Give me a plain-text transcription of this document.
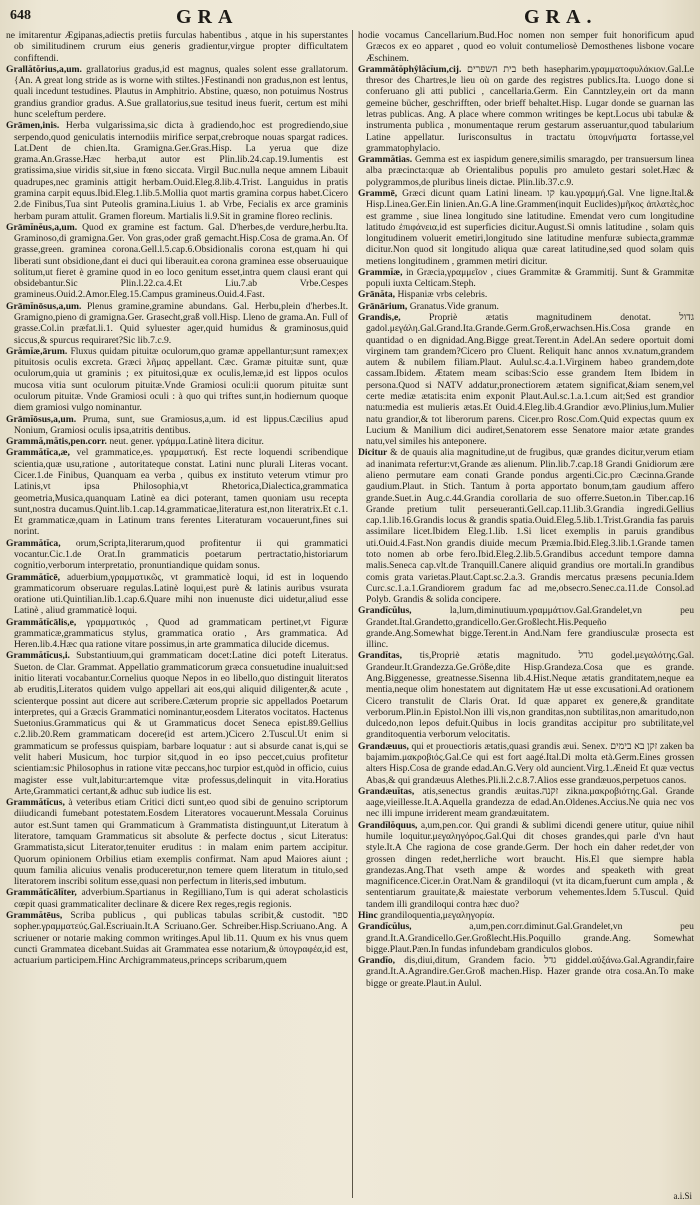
648	GRA	GRA.

ne imitarentur Ægipanas,adiectis pretiis furculas habentibus , atque in his superstantes ob similitudinem crurum eius generis gradientur,virgue propter difficultatem confiftendi.

Grallătŏrius,a,um. grallatorius gradus,id est magnus, quales solent esse grallatorum.{An. A great long stride as is worne with stiltes.}Festinandi non gradus,non est lentus, quali incedunt testudines. Plautus in Amphitrio. Abstine, quæso, non potuimus Nostrus grandius grandior gradus. A.Sue grallatorius,sue tesitud ineus fuerit, certum est mihi hunc sceleftum perdere.

Grāmen,inis. Herba vulgarissima,sic dicta à gradiendo,hoc est progrediendo,siue serpendo,quod geniculatis internodiis mirifice serpat,crebroque nouas spargat radices. Lat.Dent de chien.Ita. Gramigna.Ger.Gras.Hisp. La yerua que dize grama.An.Grasse.Hæc herba,ut autor est Plin.lib.24.cap.19.Iumentis est gratissima,siue viridis sit,siue in fœno siccata. Virgil Buc.nulla neque amnem Libauit quadrupes,nec graminis attigit herbam.Ouid.Eleg.8.lib.4.Trist. Languidus in pratis gramina carpit equus.Ibid.Eleg.1.lib.5.Mollia quot martis gramina corpus habet.Cicero 2.de Finibus,Tua sint Puteolis gramina.Liuius 1. ab Vrbe, Fecialis ex arce graminis herbam puram attulit. Gramen floreum. Martialis li.9.Sit in gramine floreo reclinis.

Grāmĭnĕus,a,um. Quod ex gramine est factum. Gal. D'herbes,de verdure,herbu.Ita. Graminoso,di gramigna.Ger. Von gras,oder graß gemacht.Hisp.Cosa de grama.An. Of grasse,green. graminea corona.Gell.l.5.cap.6.Obsidionalis corona est,quam hi qui liberati sunt obsidione,dant ei duci qui liberauit.ea corona graminea esse obseruauique solitum,ut fieret è gramine quod in eo loco genitum esset,intra quem clausi erant qui obsidebantur.Sic Plin.l.22.ca.4.Et Liu.7.ab Vrbe.Cespes gramineus.Ouid.2.Amor.Eleg.15.Campus gramineus.Ouid.4.Fast.

Grāmĭnōsus,a,um. Plenus gramine,gramine abundans. Gal. Herbu,plein d'herbes.It. Gramigno,pieno di gramigna.Ger. Grasecht,graß voll.Hisp. Lleno de grama.An. Full of grasse.Col.in præfat.li.1. Quid syluester ager,quid humidus & graminosus,quid siccus,& spurcus requiraret?Sic lib.7.c.9.

Grămĭæ,ārum. Fluxus quidam pituitæ oculorum,quo gramæ appellantur;sunt ramex;ex pituitosis oculis excreta. Græci λῆμας appellant. Cæc. Gramæ pituitæ sunt, quæ oculorum,quia ut graminis ; ex pituitosi,quæ ex oculis,lemæ,id est lippos oculos mucosa vitia sunt oculorum pituitæ.Vnde Gramiosi oculi:ii quorum pituitæ sunt oculorum pituitæ. Vnde Gramiosi oculi : à quo qui triftes sunt,in hodiernum quoque diem gramiosi vulgo nominantur.

Grāmĭōsus,a,um. Pruma, sunt, sue Gramiosus,a,um. id est lippus.Cæcilius apud Nonium, Gramiosi oculis ipsa,atritis dentibus.

Grammă,mătis,pen.corr. neut. gener. γράμμα.Latinè litera dicitur.

Grammătĭca,æ, vel grammatice,es. γραμματική. Est recte loquendi scribendique scientia,quæ usu,ratione , autoritateque constat. Latini nunc plurali Literas vocant. Cicer.1.de Finibus, Quanquam ea verba , quibus ex instituto veterum vtimur pro Latinis,vt ipsa Philosophia,vt Rhetorica,Dialectica,grammatica geometria,Musica,quanquam Latinè ea dici poterant, tamen quoniam usu recepta sunt,nostra ducamus.Quint.lib.1.cap.14.grammaticae,literatura est,non literatrix.Et c.1. Et grammaticæ,quam in Latinum trans ferentes Literaturam vocauerunt,fines sui norint.

Grammătĭca, orum,Scripta,literarum,quod profitentur ii qui grammatici vocantur.Cic.1.de Orat.In grammaticis poetarum pertractatio,historiarum cognitio,verborum interpretatio, pronuntiandique quidam sonus.

Grammătĭcē, aduerbium,γραμματικῶς, vt grammaticè loqui, id est in loquendo grammaticorum obseruare regulas.Latinè loqui,est purè & latinis auribus vsurata oratione uti.Quintilian.lib.1.cap.6.Quare mihi non inuenuste dici uidetur,aliud esse Latinè , aliud grammaticè loqui.

Grammătĭcālis,e, γραμματικός , Quod ad grammaticam pertinet,vt Figuræ grammaticæ,grammaticus stylus, grammatica oratio , Ars grammatica. Ad Heren.lib.4.Hæc qua ratione vitare possimus,in arte grammatica dilucide dicemus.

Grammătĭcus,i. Substantiuum,qui grammaticam docet:Latine dici poteft Literatus. Sueton. de Clar. Grammat. Appellatio grammaticorum græca consuetudine inualuit:sed initio literati vocabantur.Cornelius quoque Nepos in eo libello,quo distinguit literatos ab eruditis,Literatos quidem vulgo appellari ait eos,qui aliquid diligenter,& acute , scienterque possint aut dicere aut scribere.Cæterum proprie sic appellados Poetarum interpretes, qui a Græcis Grammatici nominantur,eosdem Literatos vocitatos. Hactenus Suetonius.Grammaticus qui & ut Grammaticus docet Seneca epist.89.Gellius c.2.lib.20.Rem grammaticam docere(id est artem.)Cicero 2.Tuscul.Ut enim si grammaticum se professus quispiam, barbare loquatur : aut si absurde canat is,qui se velit haberi Musicum, hoc turpior sit,quod in eo ipso peccet,cuius profitetur scientiam:sic Philosophus in ratione vitæ peccans,hoc turpior est,quòd in officio, cuius magister esse vult,labitur:artemque vitæ professus,delinquit in vita.Horatius Arte,Grammatici certant,& adhuc sub iudice lis est.

Grammătĭcus, à veteribus etiam Critici dicti sunt,eo quod sibi de genuino scriptorum diiudicandi fumebant potestatem.Eosdem Literatores vocauerunt.Messala Coruinus autor est.Sunt tamen qui Grammaticum à Grammatista distinguunt,ut Literatum à literatore, tamquam Grammaticus sit absolute & perfecte doctus , sicut Literatus: Grammatista,sicut Literator,tenuiter eruditus : in malam enim partem accipitur. Quorum opinionem Orbilius etiam exemplis confirmat. Nam apud Maiores aiunt ; quum familia alicuius venalis produceretur,non temere quem literatum in titulo,sed literatorem inscribi solitum esse,quasi non perfectum in literis,sed imbutum.

Grammătĭcālĭter, adverbium.Spartianus in Regilliano,Tum is qui aderat scholasticis cœpit quasi grammaticaliter declinare & dicere Rex reges,regis regionis.

Grammătēus, Scriba publicus , qui publicas tabulas scribit,& custodit. ספר sopher.γραμματεύς.Gal.Escriuain.It.A Scriuano.Ger. Schreiber.Hisp.Scriuano.Ang. A scriuener or notarie making common writinges.Apul lib.11. Quum ex his vnus quem cuncti Grammatea dicebant.Suidas ait Grammatea esse notarium,& ὑπογραφέα,id est, actuarium participem.Hinc Archigrammateus,princeps scribarum,quem

hodie vocamus Cancellarium.Bud.Hoc nomen non semper fuit honorificum apud Græcos ex eo apparet , quod eo voluit contumeliosè Demosthenes lisbone vocare Æschinem.

Grammătŏphŷlăcĭum,cij. בית השפרים beth hasepharim.γραμματοφυλάκιον.Gal.Le thresor des Chartres,le lieu où on garde des registres publics.Ita. Luogo done si conferuano gli atti publici , cancellaria.Germ. Ein Canntzley,ein ort da mann gemeine bücher, geschrifften, oder brieff behaltet.Hisp. Lugar donde se guarnan las letras publicas. Ang. A place where common writinges be kept.Locus ubi tabulæ & instrumenta publica , monumentaque rerum gestarum asseruantur,quod tabularium Latine appellatur. Iurisconsultus in tractatu ὑπομνήματα fortasse,vel grammatophylacio.

Grammătias. Gemma est ex iaspidum genere,similis smaragdo, per transuersum linea alba præcincta:quæ ab Orientalibus populis pro amuleto gestari solet.Hæc & polygrammos,de pluribus lineis dictae. Plin.lib.37.c.9.

Grammē, Græci dicunt quam Latini lineam. קו kau.γραμμή.Gal. Vne ligne.Ital.& Hisp.Linea.Ger.Ein linien.An.G.A line.Grammen(inquit Euclides)μῆκος ἀπλατὲς,hoc est gramme , siue linea longitudo sine latitudine. Emendat vero cum longitudine latitudo ἐπιφάνεια,id est superficies dicitur.August.Si omnis latitudine , solam quis longitudinem voluerit emetiri,longitudo sine latitudine menfuræ subiecta,grammæ dicitur.Non quod sit longitudo aliqua quæ careat latitudine,sed quod solam quis metiens longitudinem , grammen metiri dicitur.

Grammĭæ, in Græcia,γραμμεῖον , ciues Grammitæ & Grammitij. Sunt & Grammitæ populi iuxta Celticam.Steph.

Grānăta, Hispaniæ vrbs celebris.

Grānārium, Granatus.Vide granum.

Grandis,e,	Propriè ætatis magnitudinem denotat. גדול gadol.μεγάλη.Gal.Grand.Ita.Grande.Germ.Groß,erwachsen.His.Cosa grande en quantidad o en dignidad.Ang.Bigge great.Terent.in Adel.An sedere oportuit domi virginem tam grandem?Cicero pro Cluent. Reliquit hanc annos xv.natum,grandem autem & nubilem filiam.Plaut. Aulul.sc.4.a.1.Virginem habeo grandem,dote cassam.Ibidem. Ætatem meam scibas:Scio esse grandem Item Ibidem in persona.Quod si NATV addatur,pronectiorem ætatem significat,&iam senem,vel certe mediæ ætatis:ita enim exponit Plaut.Aul.sc.1.a.1.cum ait;Sed est grandior natu:media est mulieris ætas.Et Ouid.4.Eleg.lib.4.Grandior ævo.Plinius,lum.Mulier natu grandior,& tot liberorum parens. Cicer.pro Rosc.Com.Quid expectas quum ex Lucium & Manilium dici audiret,Senatorem esse Senatore maior ætate grandes natu,vel similes his anteponere.

Dicitur & de quauis alia magnitudine,ut de frugibus, quæ grandes dicitur,verum etiam ad inanimata refertur:vt,Grande æs alienum. Plin.lib.7.cap.18 Grandi Gnidiorum ære alieno permutare eam conati Grande pondus argenti.Cic.pro Cæcinna.Grande gaudium.Plaut. in Stich. Tantum à porta apportato bonum,tam gaudium affero grande.Suet.in Aug.c.44.Grandia corollaria de suo offerre.Sueton.in Tiber.cap.16 Grande pretium tulit perseueranti.Gell.cap.11.lib.3.Grandia ingredi.Gellius cap.1.lib.16.Grandis locus & grandis spatia.Ouid.Eleg.5.lib.1.Trist.Grandia fas paruis assimilare licet.Ibidem Eleg.1.lib. 1.Si licet exemplis in paruis grandibus uti.Ouid.4.Fast.Non grandis diuide mecum Præmia.Ibid.Eleg.3.lib.1.Grande tamen toto nomen ab orbe fero.Ibid.Eleg.2.lib.5.Grandibus accedunt tempore damna malis.Seneca cap.vlt.de Tranquill.Canere aliquid grandius ore mortali.In grandibus comis grata varietas.Plaut.Capt.sc.2.a.3. Grandis mercatus præsens pecunia.Idem Curc.sc.1.a.1.Grandiorem gradum fac ad me,obsecro.Senec.ca.11.de Consol.ad Polyb. Grandis & solida concipere.

Grandĭcŭlus,	la,lum,diminutiuum.γραμμάτιον.Gal.Grandelet,vn peu Grandet.Ital.Grandetto,grandicello.Ger.Großlecht.His.Pequeño grande.Ang.Somewhat bigge.Terent.in And.Nam fere grandiusculæ prosecta est illinc.

Grandĭtas, tis,Propriè ætatis magnitudo. גודל godel.μεγαλότης.Gal. Grandeur.It.Grandezza.Ge.Größe,dite Hisp.Grandeza.Cosa que es grande. Ang.Biggenesse, greatnesse.Sisenna lib.4.Hist.Neque ætatis granditatem,neque ea mentia,neque olim honestatem aut dignitatem Hæ ut esse excusationi.Ad orationem Cicero transtulit de Claris Orat. Id quæ apparet ex genere,& granditate verborum.Plin.in Epistol.Non illi vis,non granditas,non subtilitas,non amaritudo,non dulcedo,non lepos defuit.Quibus in locis granditas accipitur pro subtilitate,vel granditoquentia verborum velocitatis.

Grandæuus, qui et prouectioris ætatis,quasi grandis æui. Senex. זקן בא בימים zaken ba bajamim.μακροβιός.Gal.Ce qui est fort aagé.Ital.Di molta età.Germ.Eines grossen alters Hisp.Cosa de grande edad.An.G.Very old auncient.Virg.1.Æneid Et quæ vectus Abas,& qui grandæuus Alethes.Pli.li.2.c.8.7.Alios esse grandæuos,perpetuos canos.

Grandæuĭtas, atis,senectus grandis æuitas.זקנה zikna.μακροβιότης.Gal. Grande aage,vieillesse.It.A.Aquella grandezza de edad.An.Oldenes.Accius.Ne quia nec vos nec illi impune irriderent meam grandæuitatem.

Grandĭlŏquus, a,um,pen.cor. Qui grandi & sublimi dicendi genere utitur, quiue nihil humile loquitur.μεγαληγόρος.Gal.Qui dit choses grandes,qui parle d'vn haut style.It.A Che ragiona de cose grande.Germ. Der hoch ein daher redet,der von grossen dingen redet,herrliche wort braucht. His.El que siempre habla grandezas.Ang.That vseth ampe & wordes and speaketh with great magnificence.Cicer.in Orat.Nam & grandiloqui (vt ita dicam,fuerunt cum ampla , & sententiarum grauitate,& maiestate verborum vehementes.Idem 5.Tuscul. Quid tandem illi grandiloqui contra hæc duo?

Hinc grandiloquentia,μεγαληγορία.

Grandĭcŭlus,	a,um,pen.corr.diminut.Gal.Grandelet,vn peu grand.It.A.Grandicello.Ger.Großlecht.His.Poquillo grande.Ang. Somewhat bigge.Plaut.Pæn.In fundas infundebam grandiculos globos.

Grandĭo, dis,diui,ditum, Grandem facio. גדל giddel.αὐξάνω.Gal.Agrandir,faire grand.It.A.Agrandire.Ger.Groß machen.Hisp. Hazer grande otra cosa.An.To make bigge or greate.Plaut.in Aulul.

a.i.Si
